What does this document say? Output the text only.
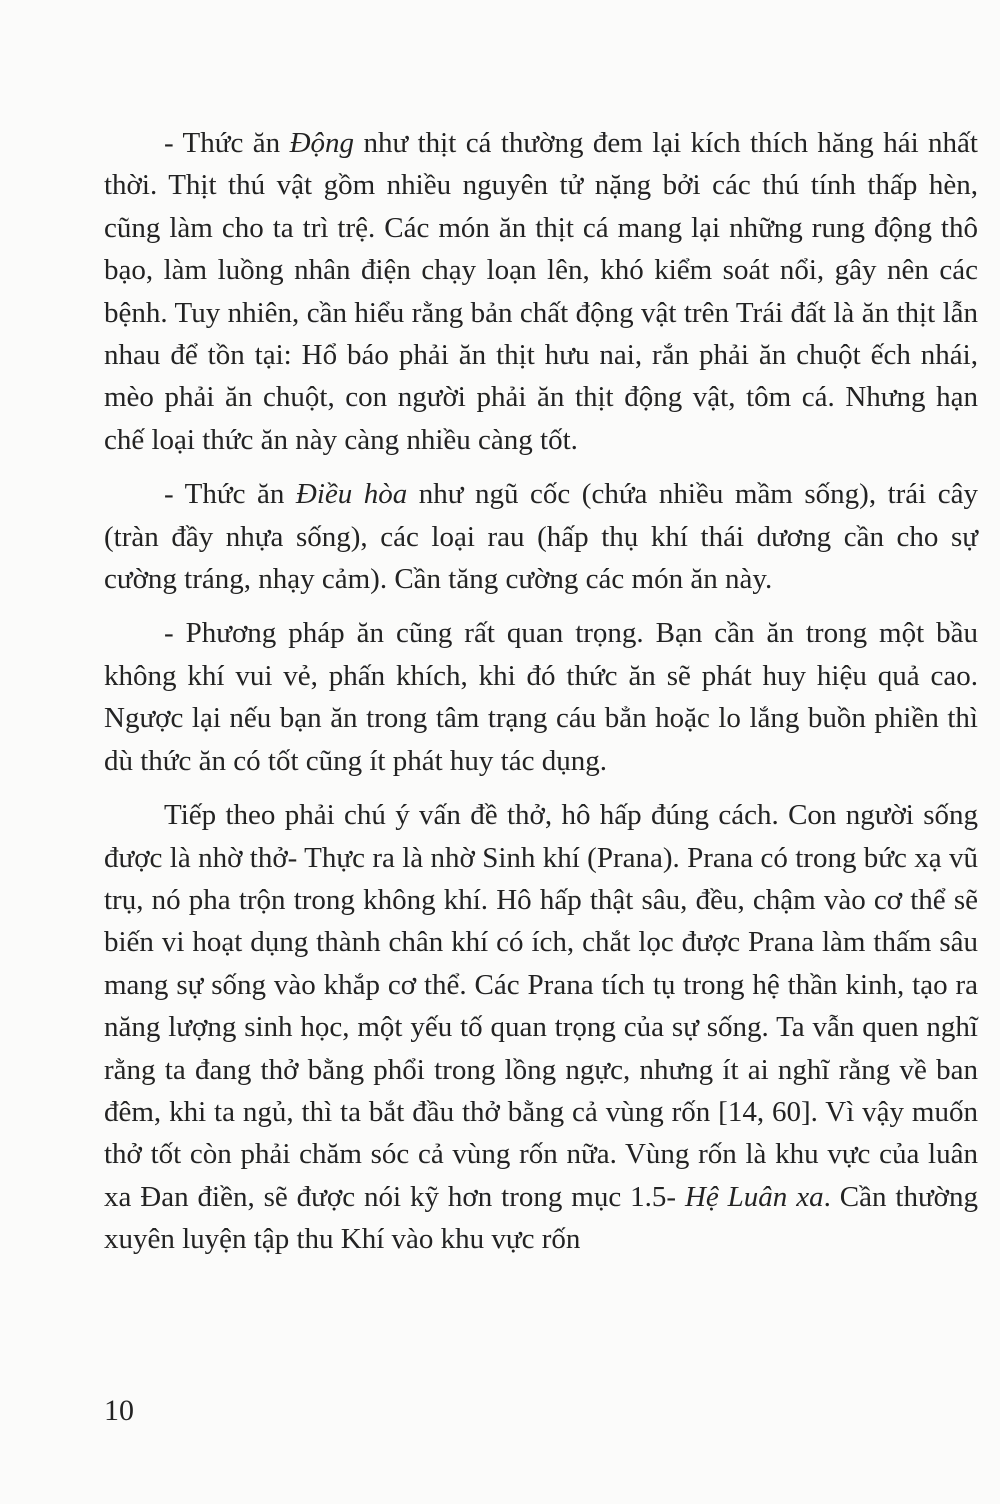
- Thức ăn Động như thịt cá thường đem lại kích thích hăng hái nhất thời. Thịt thú vật gồm nhiều nguyên tử nặng bởi các thú tính thấp hèn, cũng làm cho ta trì trệ. Các món ăn thịt cá mang lại những rung động thô bạo, làm luồng nhân điện chạy loạn lên, khó kiểm soát nổi, gây nên các bệnh. Tuy nhiên, cần hiểu rằng bản chất động vật trên Trái đất là ăn thịt lẫn nhau để tồn tại: Hổ báo phải ăn thịt hưu nai, rắn phải ăn chuột ếch nhái, mèo phải ăn chuột, con người phải ăn thịt động vật, tôm cá. Nhưng hạn chế loại thức ăn này càng nhiều càng tốt.

- Thức ăn Điều hòa như ngũ cốc (chứa nhiều mầm sống), trái cây (tràn đầy nhựa sống), các loại rau (hấp thụ khí thái dương cần cho sự cường tráng, nhạy cảm). Cần tăng cường các món ăn này.

- Phương pháp ăn cũng rất quan trọng. Bạn cần ăn trong một bầu không khí vui vẻ, phấn khích, khi đó thức ăn sẽ phát huy hiệu quả cao. Ngược lại nếu bạn ăn trong tâm trạng cáu bẳn hoặc lo lắng buồn phiền thì dù thức ăn có tốt cũng ít phát huy tác dụng.

Tiếp theo phải chú ý vấn đề thở, hô hấp đúng cách. Con người sống được là nhờ thở- Thực ra là nhờ Sinh khí (Prana). Prana có trong bức xạ vũ trụ, nó pha trộn trong không khí. Hô hấp thật sâu, đều, chậm vào cơ thể sẽ biến vi hoạt dụng thành chân khí có ích, chắt lọc được Prana làm thấm sâu mang sự sống vào khắp cơ thể. Các Prana tích tụ trong hệ thần kinh, tạo ra năng lượng sinh học, một yếu tố quan trọng của sự sống. Ta vẫn quen nghĩ rằng ta đang thở bằng phổi trong lồng ngực, nhưng ít ai nghĩ rằng về ban đêm, khi ta ngủ, thì ta bắt đầu thở bằng cả vùng rốn [14, 60]. Vì vậy muốn thở tốt còn phải chăm sóc cả vùng rốn nữa. Vùng rốn là khu vực của luân xa Đan điền, sẽ được nói kỹ hơn trong mục 1.5- Hệ Luân xa. Cần thường xuyên luyện tập thu Khí vào khu vực rốn

10
